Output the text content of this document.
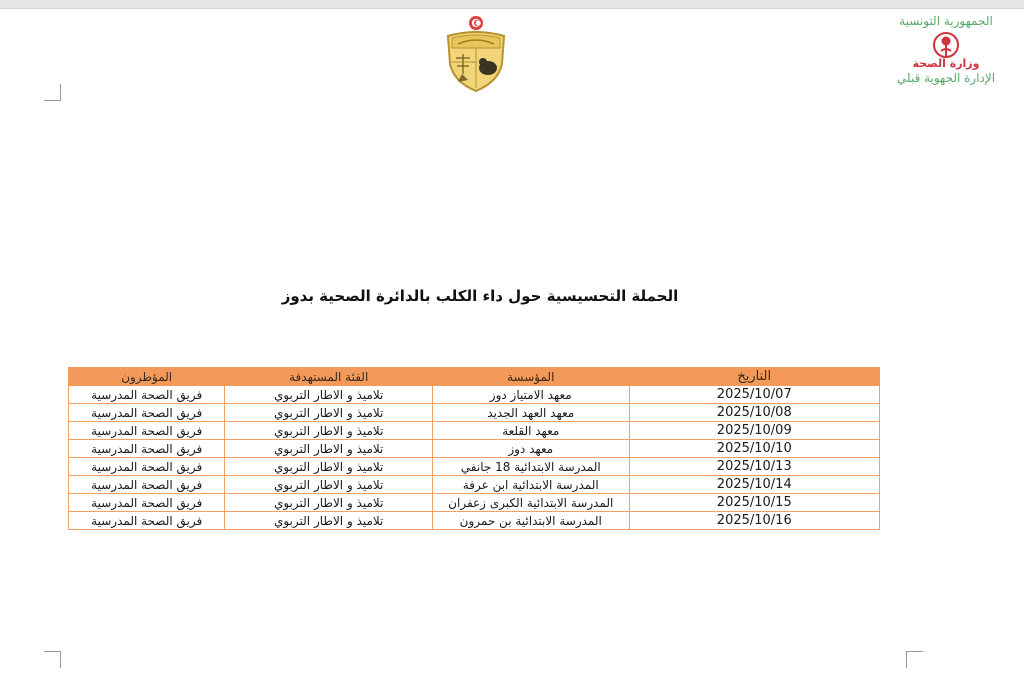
الجمهورية التونسية
وزارة الصحة
الإدارة الجهوية قبلي
الحملة التحسيسية حول داء الكلب بالدائرة الصحية بدوز
التاريخ	المؤسسة	الفئة المستهدفة	المؤطرون
2025/10/07	معهد الامتياز دوز	تلاميذ و الاطار التربوي	فريق الصحة المدرسية
2025/10/08	معهد العهد الجديد	تلاميذ و الاطار التربوي	فريق الصحة المدرسية
2025/10/09	معهد القلعة	تلاميذ و الاطار التربوي	فريق الصحة المدرسية
2025/10/10	معهد دوز	تلاميذ و الاطار التربوي	فريق الصحة المدرسية
2025/10/13	المدرسة الابتدائية 18 جانفي	تلاميذ و الاطار التربوي	فريق الصحة المدرسية
2025/10/14	المدرسة الابتدائية ابن عرفة	تلاميذ و الاطار التربوي	فريق الصحة المدرسية
2025/10/15	المدرسة الابتدائية الكبرى زعفران	تلاميذ و الاطار التربوي	فريق الصحة المدرسية
2025/10/16	المدرسة الابتدائية بن حمرون	تلاميذ و الاطار التربوي	فريق الصحة المدرسية
